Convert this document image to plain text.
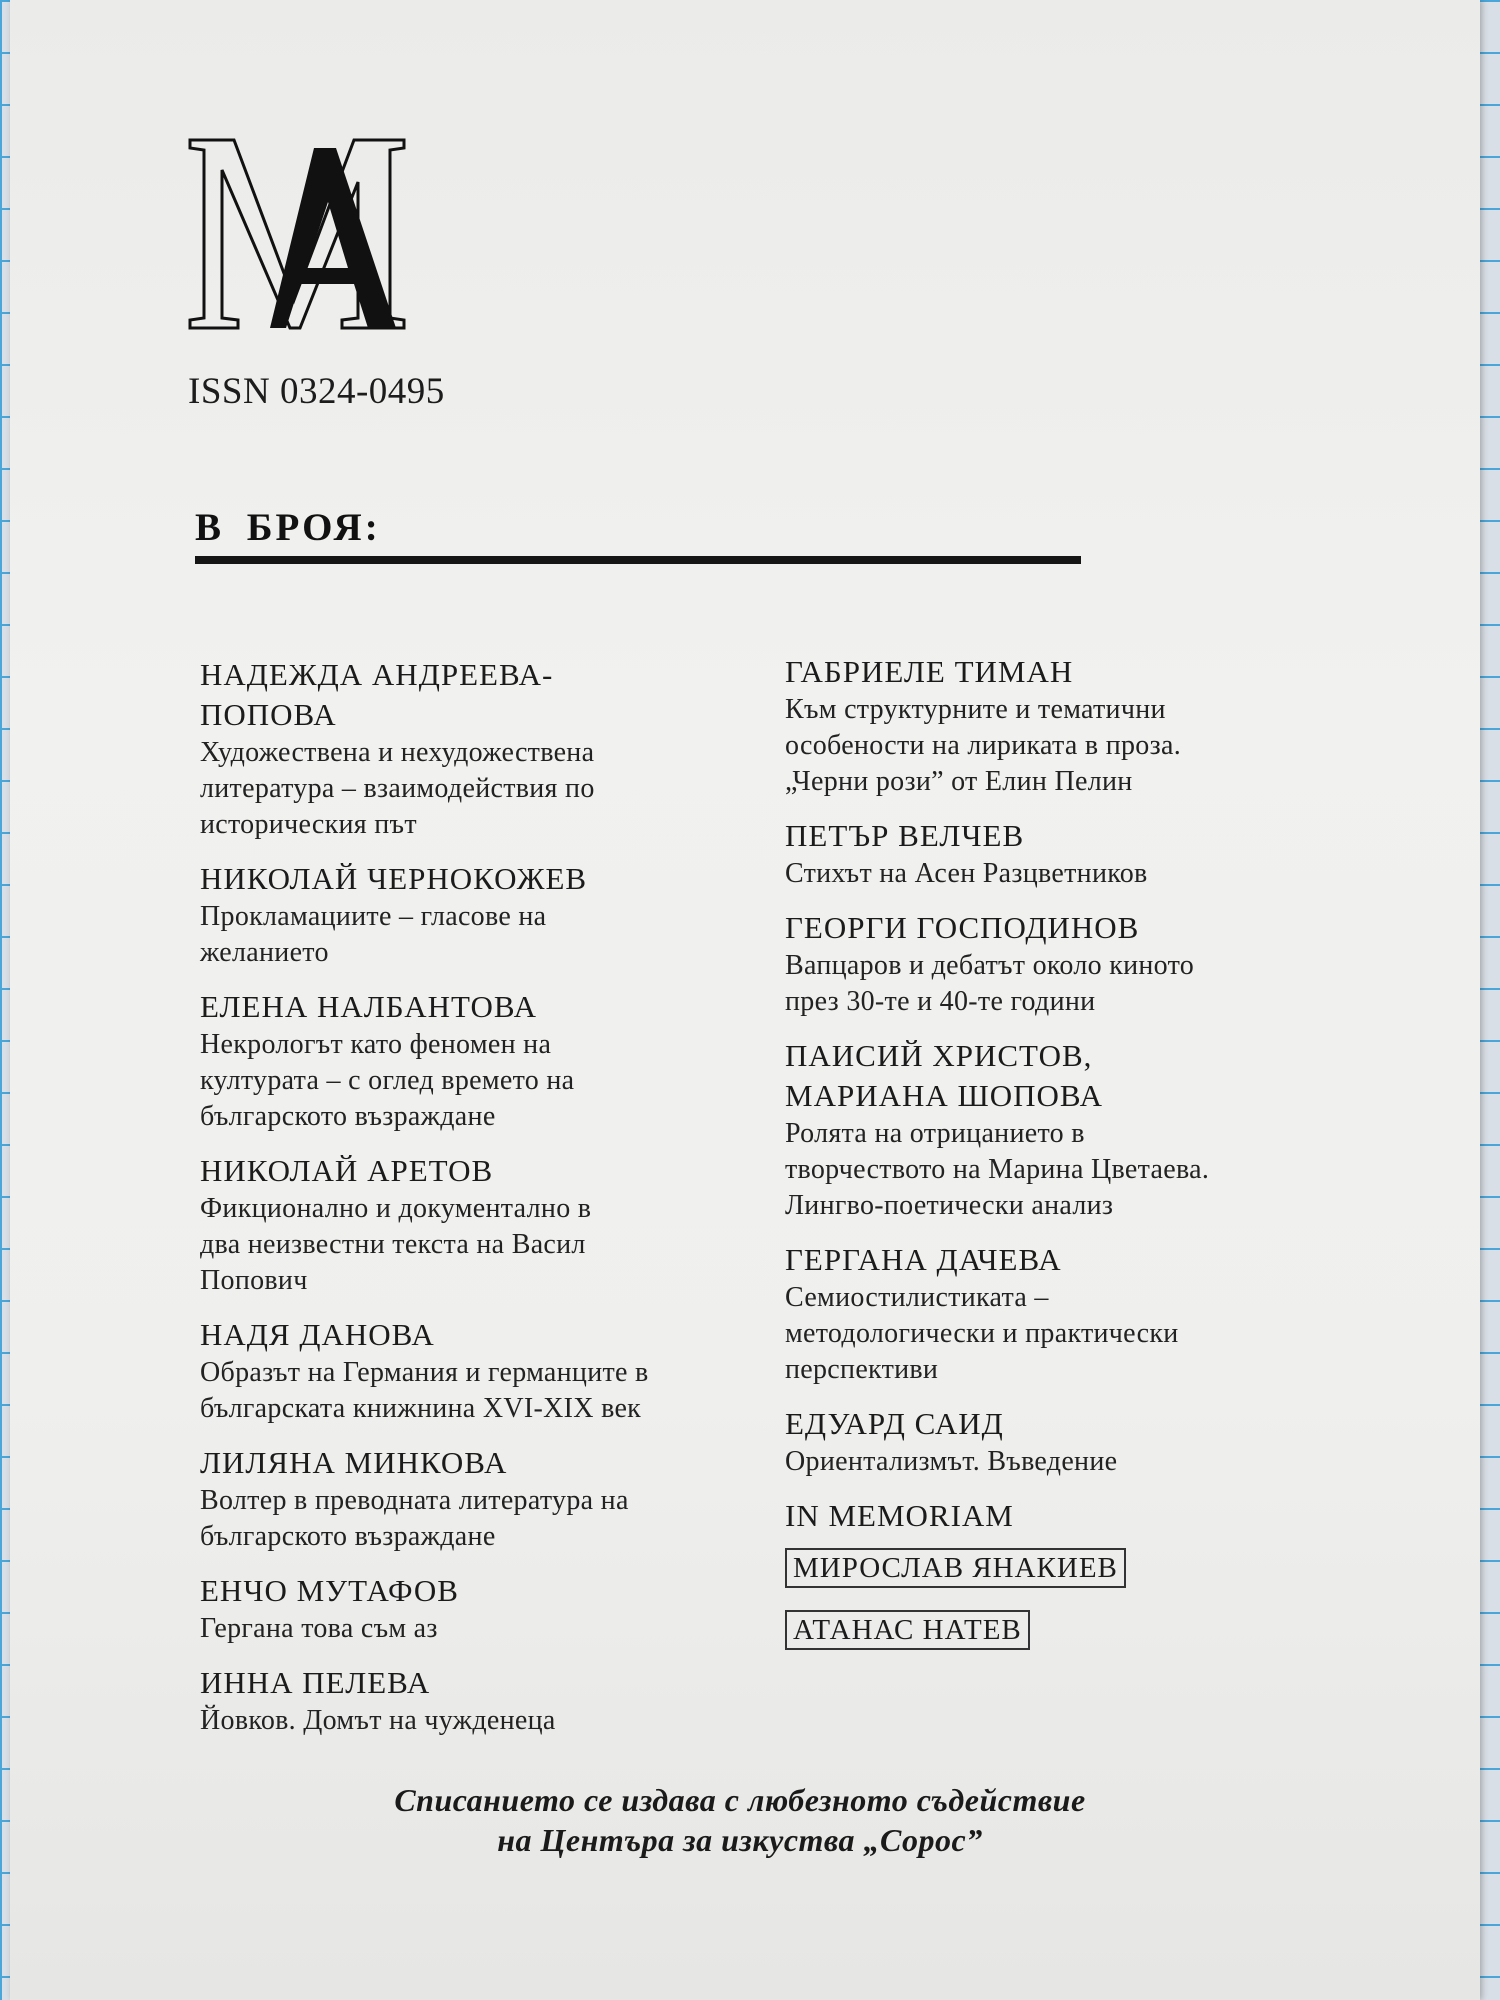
ISSN 0324-0495
В БРОЯ:
НАДЕЖДА АНДРЕЕВА-
ПОПОВА
Художествена и нехудожествена
литература – взаимодействия по
историческия път
НИКОЛАЙ ЧЕРНОКОЖЕВ
Прокламациите – гласове на
желанието
ЕЛЕНА НАЛБАНТОВА
Некрологът като феномен на
културата – с оглед времето на
българското възраждане
НИКОЛАЙ АРЕТОВ
Фикционално и документално в
два неизвестни текста на Васил
Попович
НАДЯ ДАНОВА
Образът на Германия и германците в
българската книжнина XVI-XIX век
ЛИЛЯНА МИНКОВА
Волтер в преводната литература на
българското възраждане
ЕНЧО МУТАФОВ
Гергана това съм аз
ИННА ПЕЛЕВА
Йовков. Домът на чужденеца
ГАБРИЕЛЕ ТИМАН
Към структурните и тематични
особености на лириката в проза.
„Черни рози” от Елин Пелин
ПЕТЪР ВЕЛЧЕВ
Стихът на Асен Разцветников
ГЕОРГИ ГОСПОДИНОВ
Вапцаров и дебатът около киното
през 30-те и 40-те години
ПАИСИЙ ХРИСТОВ,
МАРИАНА ШОПОВА
Ролята на отрицанието в
творчеството на Марина Цветаева.
Лингво-поетически анализ
ГЕРГАНА ДАЧЕВА
Семиостилистиката –
методологически и практически
перспективи
ЕДУАРД САИД
Ориентализмът. Въведение
IN MEMORIAM
МИРОСЛАВ ЯНАКИЕВ
АТАНАС НАТЕВ
Списанието се издава с любезното съдействие
на Центъра за изкуства „Сорос”
